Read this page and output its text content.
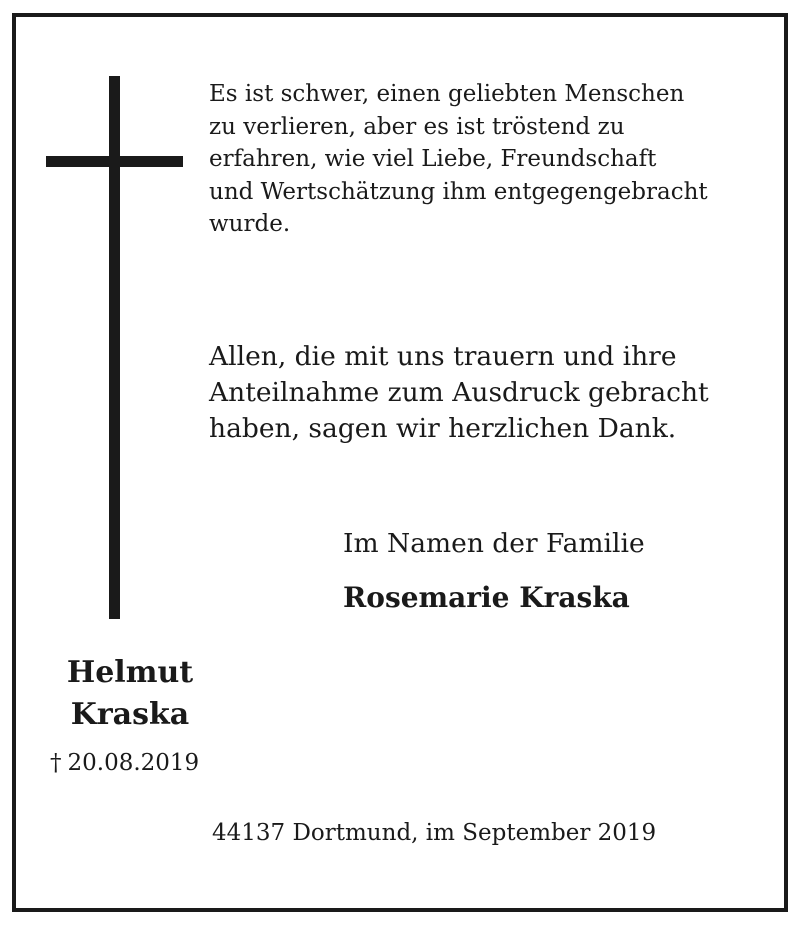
Es ist schwer, einen geliebten Menschen
zu verlieren, aber es ist tröstend zu
erfahren, wie viel Liebe, Freundschaft
und Wertschätzung ihm entgegengebracht
wurde.
Allen, die mit uns trauern und ihre
Anteilnahme zum Ausdruck gebracht
haben, sagen wir herzlichen Dank.
Im Namen der Familie
Rosemarie Kraska
Helmut
Kraska
† 20.08.2019
44137 Dortmund, im September 2019
